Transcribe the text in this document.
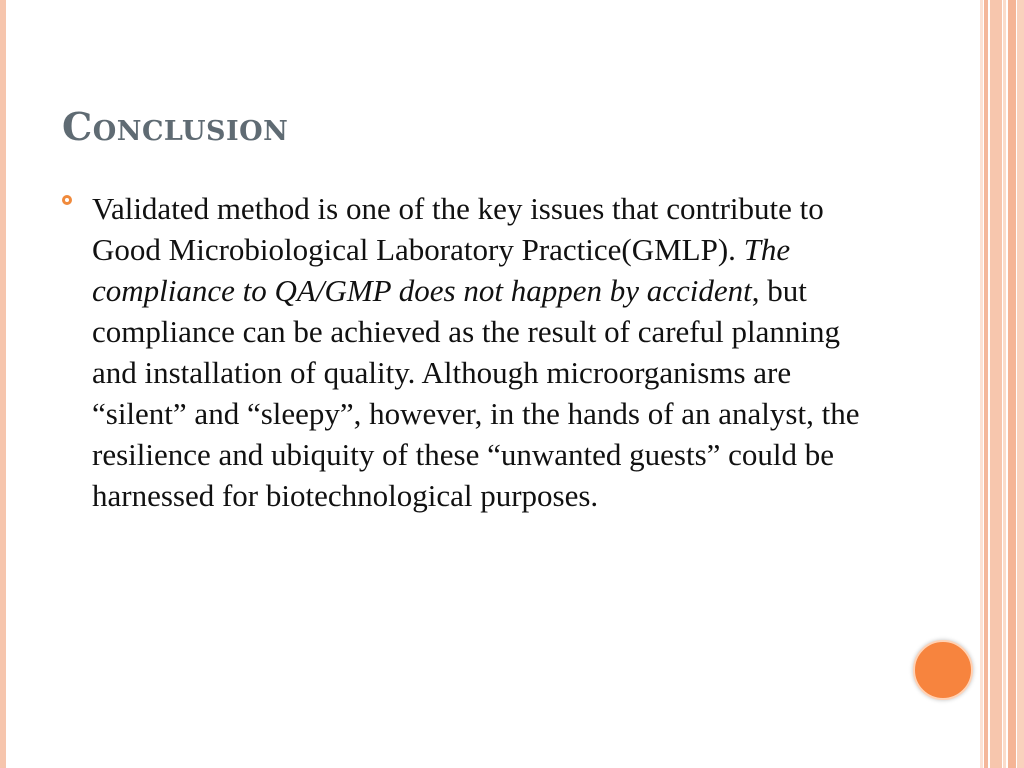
Conclusion

Validated method is one of the key issues that contribute to Good Microbiological Laboratory Practice(GMLP). The compliance to QA/GMP does not happen by accident, but compliance can be achieved as the result of careful planning and installation of quality. Although microorganisms are “silent” and “sleepy”, however, in the hands of an analyst, the resilience and ubiquity of these “unwanted guests” could be harnessed for biotechnological purposes.
